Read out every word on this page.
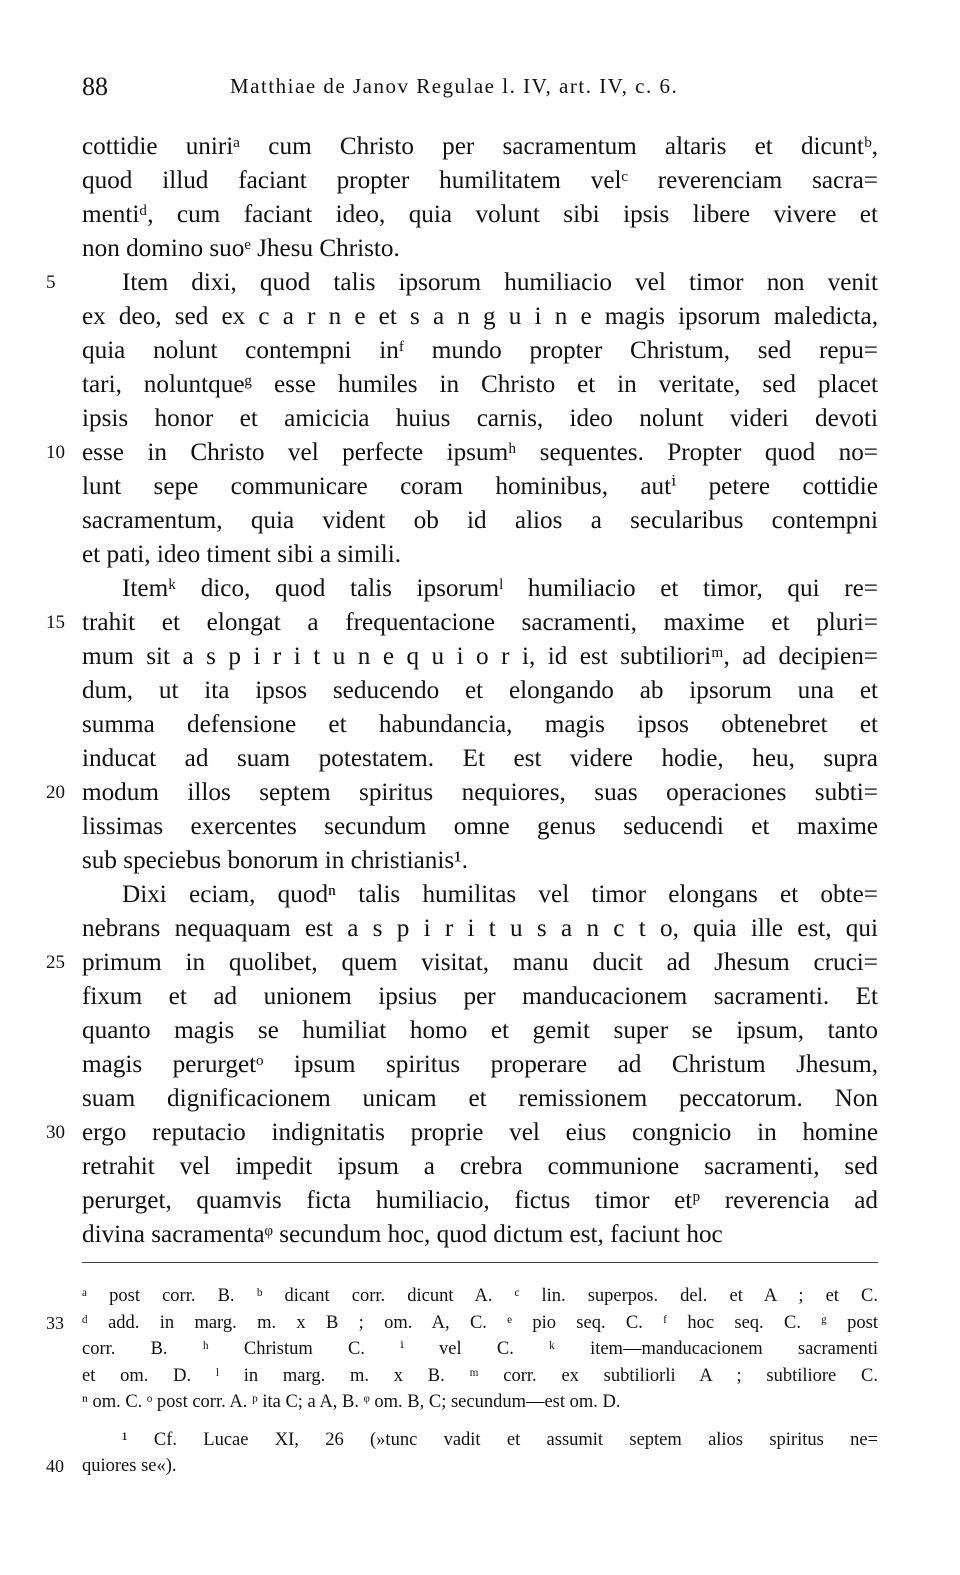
88	Matthiae de Janov Regulae l. IV, art. IV, c. 6.
cottidie uniriᵃ cum Christo per sacramentum altaris et dicuntᵇ,
quod illud faciant propter humilitatem velᶜ reverenciam sacra=
mentiᵈ, cum faciant ideo, quia volunt sibi ipsis libere vivere et
non domino suoᵉ Jhesu Christo.
5	Item dixi, quod talis ipsorum humiliacio vel timor non venit
ex deo, sed ex c a r n e et s a n g u i n e magis ipsorum maledicta,
quia nolunt contempni inᶠ mundo propter Christum, sed repu=
tari, noluntqueᵍ esse humiles in Christo et in veritate, sed placet
ipsis honor et amicicia huius carnis, ideo nolunt videri devoti
10 esse in Christo vel perfecte ipsumʰ sequentes. Propter quod no=
lunt sepe communicare coram hominibus, autⁱ petere cottidie
sacramentum, quia vident ob id alios a secularibus contempni
et pati, ideo timent sibi a simili.
Itemᵏ dico, quod talis ipsorumˡ humiliacio et timor, qui re=
15 trahit et elongat a frequentacione sacramenti, maxime et pluri=
mum sit a s p i r i t u n e q u i o r i, id est subtilioriᵐ, ad decipien=
dum, ut ita ipsos seducendo et elongando ab ipsorum una et
summa defensione et habundancia, magis ipsos obtenebret et
inducat ad suam potestatem. Et est videre hodie, heu, supra
20 modum illos septem spiritus nequiores, suas operaciones subti=
lissimas exercentes secundum omne genus seducendi et maxime
sub speciebus bonorum in christianis¹.
Dixi eciam, quodⁿ talis humilitas vel timor elongans et obte=
nebrans nequaquam est a s p i r i t u s a n c t o, quia ille est, qui
25 primum in quolibet, quem visitat, manu ducit ad Jhesum cruci=
fixum et ad unionem ipsius per manducacionem sacramenti. Et
quanto magis se humiliat homo et gemit super se ipsum, tanto
magis perurgetᵒ ipsum spiritus properare ad Christum Jhesum,
suam dignificacionem unicam et remissionem peccatorum. Non
30 ergo reputacio indignitatis proprie vel eius congnicio in homine
retrahit vel impedit ipsum a crebra communione sacramenti, sed
perurget, quamvis ficta humiliacio, fictus timor etᵖ reverencia ad
divina sacramentaᵠ secundum hoc, quod dictum est, faciunt hoc
ᵃ post corr. B. ᵇ dicant corr. dicunt A. ᶜ lin. superpos. del. et A ; et C.
33 ᵈ add. in marg. m. x B ; om. A, C. ᵉ pio seq. C. ᶠ hoc seq. C. ᵍ post
corr. B. ʰ Christum C. ⁱ vel C. ᵏ item—manducacionem sacramenti
et om. D. ˡ in marg. m. x B. ᵐ corr. ex subtiliorli A ; subtiliore C.
ⁿ om. C. ᵒ post corr. A. ᵖ ita C; a A, B. ᵠ om. B, C; secundum—est om. D.
¹ Cf. Lucae XI, 26 (»tunc vadit et assumit septem alios spiritus ne=
40 quiores se«).
